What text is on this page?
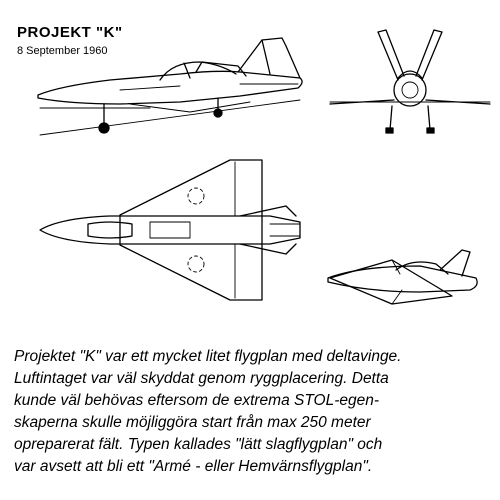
PROJEKT "K"
8 September 1960
Projektet "K" var ett mycket litet flygplan med deltavinge.
Luftintaget var väl skyddat genom ryggplacering. Detta
kunde väl behövas eftersom de extrema STOL-egen-
skaperna skulle möjliggöra start från max 250 meter
opreparerat fält. Typen kallades "lätt slagflygplan" och
var avsett att bli ett "Armé - eller Hemvärnsflygplan".
